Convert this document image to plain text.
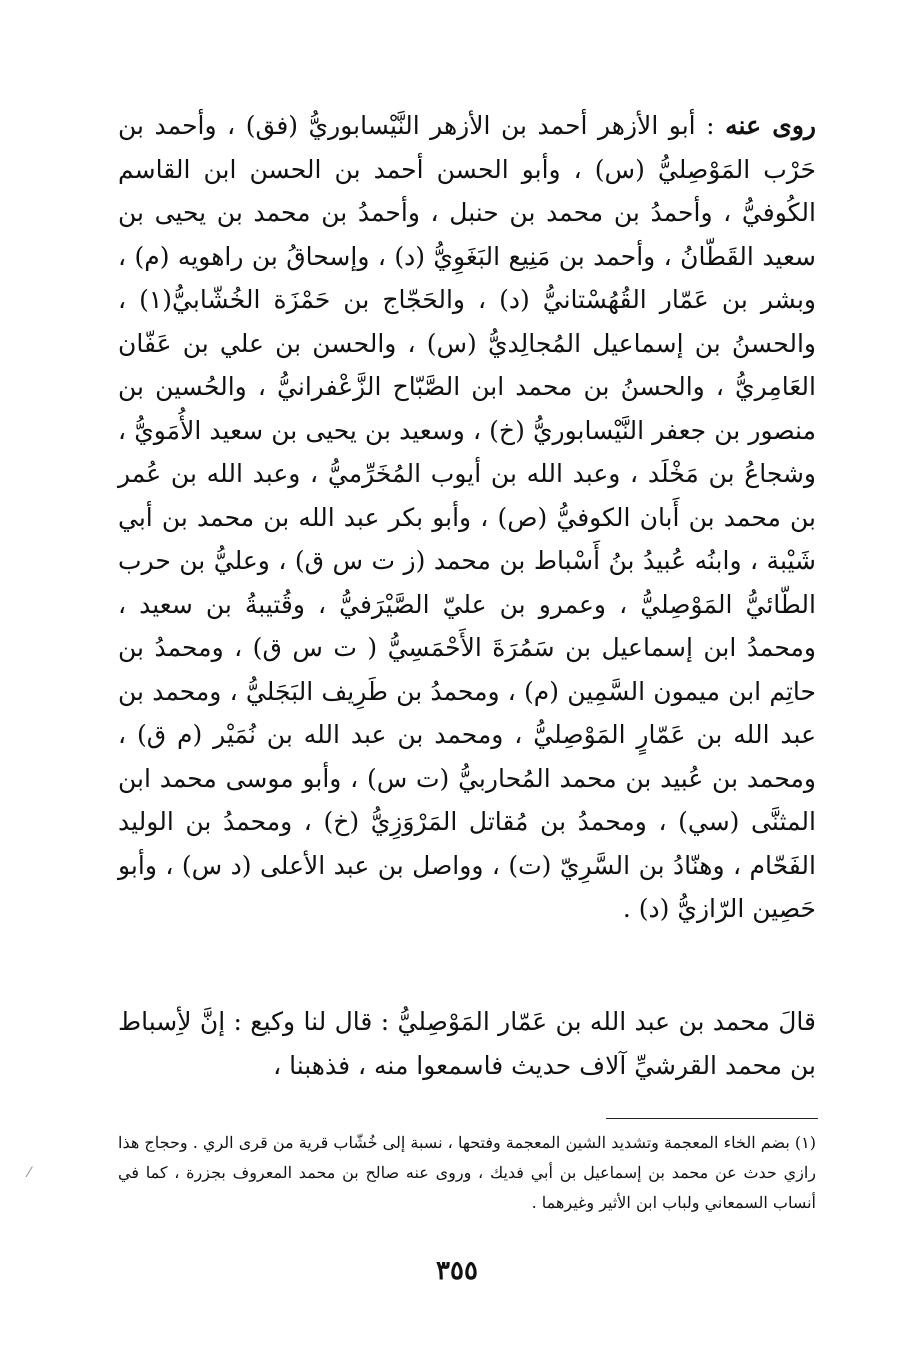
روى عنه : أبو الأزهر أحمد بن الأزهر النَّيْسابوريُّ (فق) ، وأحمد بن حَرْب المَوْصِليُّ (س) ، وأبو الحسن أحمد بن الحسن ابن القاسم الكُوفيُّ ، وأحمدُ بن محمد بن حنبل ، وأحمدُ بن محمد بن يحيى بن سعيد القَطّانُ ، وأحمد بن مَنِيع البَغَوِيُّ (د) ، وإسحاقُ بن راهويه (م) ، وبشر بن عَمّار القُهُسْتانيُّ (د) ، والحَجّاج بن حَمْزَة الخُشّابيُّ(١) ، والحسنُ بن إسماعيل المُجالِديُّ (س) ، والحسن بن علي بن عَفّان العَامِريُّ ، والحسنُ بن محمد ابن الصَّبّاح الزَّعْفرانيُّ ، والحُسين بن منصور بن جعفر النَّيْسابوريُّ (خ) ، وسعيد بن يحيى بن سعيد الأُمَويُّ ، وشجاعُ بن مَخْلَد ، وعبد الله بن أيوب المُخَرِّميُّ ، وعبد الله بن عُمر بن محمد بن أَبان الكوفيُّ (ص) ، وأبو بكر عبد الله بن محمد بن أبي شَيْبة ، وابنُه عُبيدُ بنُ أَسْباط بن محمد (ز ت س ق) ، وعليُّ بن حرب الطّائيُّ المَوْصِليُّ ، وعمرو بن عليّ الصَّيْرَفيُّ ، وقُتيبةُ بن سعيد ، ومحمدُ ابن إسماعيل بن سَمُرَةَ الأَحْمَسِيُّ ( ت س ق) ، ومحمدُ بن حاتِم ابن ميمون السَّمِين (م) ، ومحمدُ بن طَرِيف البَجَليُّ ، ومحمد بن عبد الله بن عَمّارٍ المَوْصِليُّ ، ومحمد بن عبد الله بن نُمَيْر (م ق) ، ومحمد بن عُبيد بن محمد المُحاربيُّ (ت س) ، وأبو موسى محمد ابن المثنَّى (سي) ، ومحمدُ بن مُقاتل المَرْوَزِيُّ (خ) ، ومحمدُ بن الوليد الفَحّام ، وهنّادُ بن السَّرِيّ (ت) ، وواصل بن عبد الأعلى (د س) ، وأبو حَصِين الرّازيُّ (د) .

قالَ محمد بن عبد الله بن عَمّار المَوْصِليُّ : قال لنا وكيع : إنَّ لأِسباط بن محمد القرشيِّ آلاف حديث فاسمعوا منه ، فذهبنا ،

(١) بضم الخاء المعجمة وتشديد الشين المعجمة وفتحها ، نسبة إلى خُشّاب قرية من قرى الري . وحجاج هذا رازي حدث عن محمد بن إسماعيل بن أبي فديك ، وروى عنه صالح بن محمد المعروف بجزرة ، كما في أنساب السمعاني ولباب ابن الأثير وغيرهما .

⁄
٣٥٥
